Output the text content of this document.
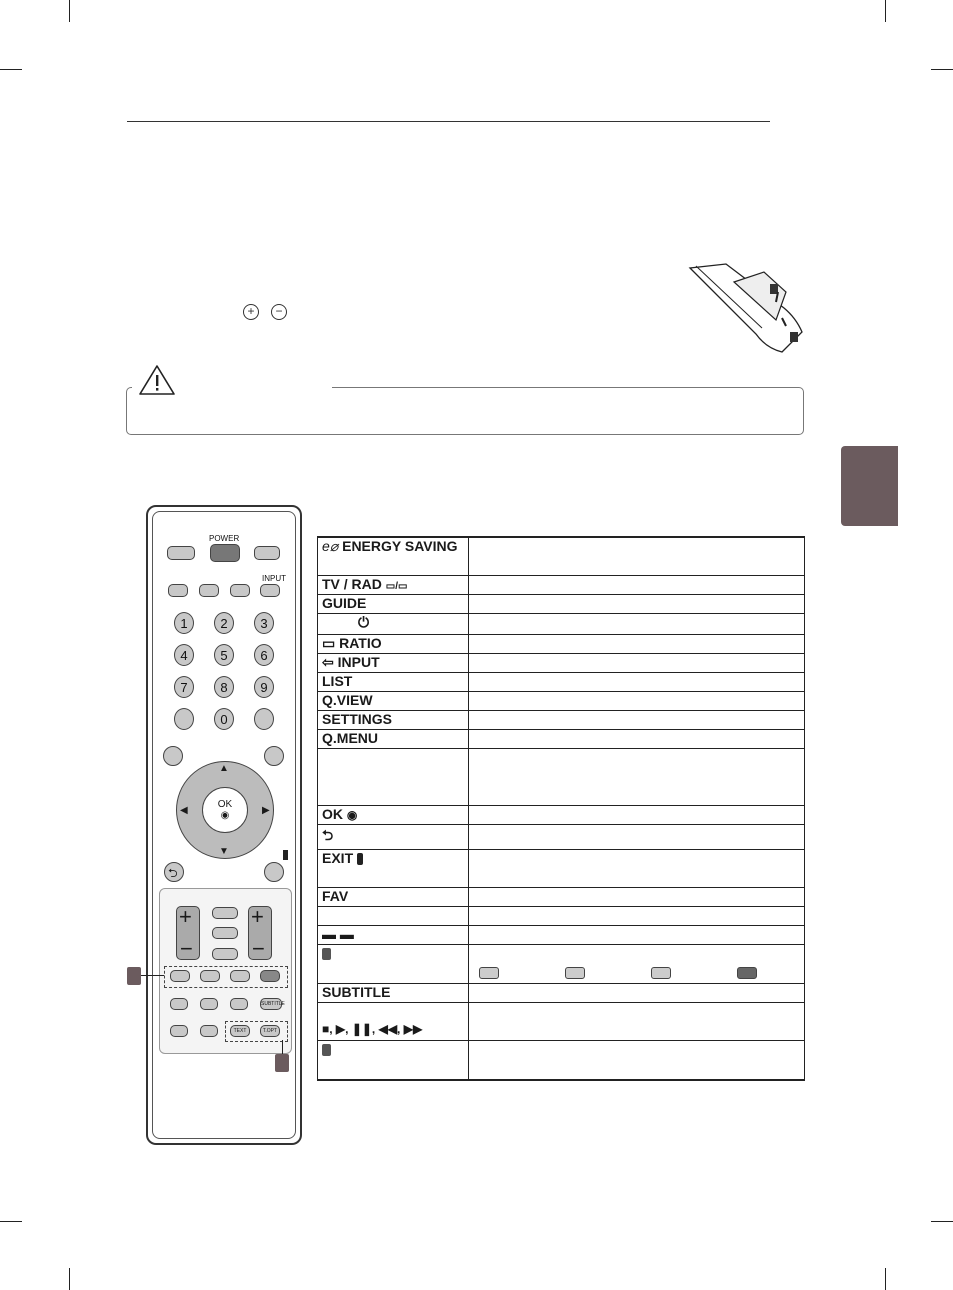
+ −
POWER
INPUT
1	2	3
4	5	6
7	8	9
0
▲
▼
◀	▶
OK
◉
⮌
+
−
+
−
SUBTITLE
TEXT	T.OPT
e⌀ ENERGY SAVING	
TV / RAD ▭/▭	
GUIDE	
⏻	
▭ RATIO	
⇦ INPUT	
LIST	
Q.VIEW	
SETTINGS	
Q.MENU	

OK ◉	
⮌	
EXIT	
FAV	

▬ ▬	

SUBTITLE	
■, ▶, ❚❚, ◀◀, ▶▶	
